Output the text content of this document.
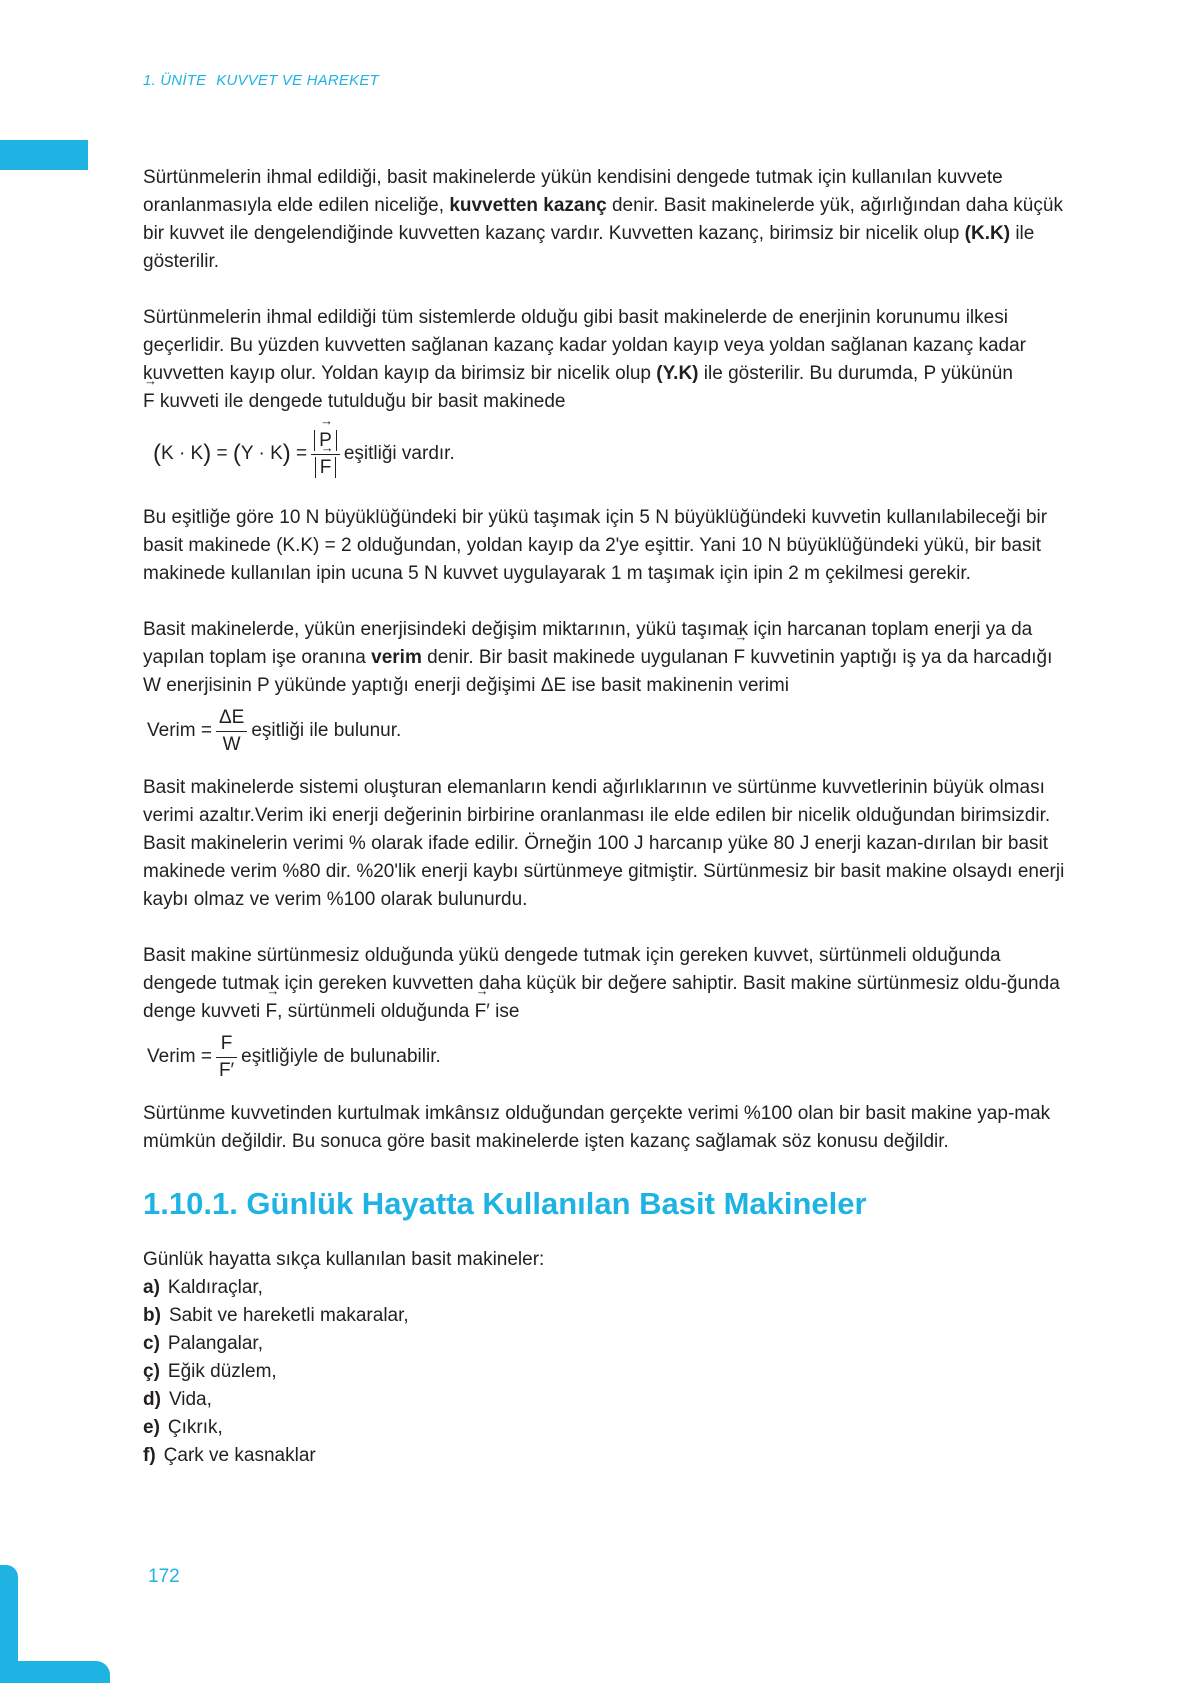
1. ÜNİTE KUVVET VE HAREKET

Sürtünmelerin ihmal edildiği, basit makinelerde yükün kendisini dengede tutmak için kullanılan kuvvete oranlanmasıyla elde edilen niceliğe, kuvvetten kazanç denir. Basit makinelerde yük, ağırlığından daha küçük bir kuvvet ile dengelendiğinde kuvvetten kazanç vardır. Kuvvetten kazanç, birimsiz bir nicelik olup (K.K) ile gösterilir.

Sürtünmelerin ihmal edildiği tüm sistemlerde olduğu gibi basit makinelerde de enerjinin korunumu ilkesi geçerlidir. Bu yüzden kuvvetten sağlanan kazanç kadar yoldan kayıp veya yoldan sağlanan kazanç kadar kuvvetten kayıp olur. Yoldan kayıp da birimsiz bir nicelik olup (Y.K) ile gösterilir. Bu durumda, P yükünün
→ F kuvveti ile dengede tutulduğu bir basit makinede

( K · K ) = ( Y · K ) =
→ P
→ F eşitliği vardır.

Bu eşitliğe göre 10 N büyüklüğündeki bir yükü taşımak için 5 N büyüklüğündeki kuvvetin kullanılabileceği bir basit makinede (K.K) = 2 olduğundan, yoldan kayıp da 2'ye eşittir. Yani 10 N büyüklüğündeki yükü, bir basit makinede kullanılan ipin ucuna 5 N kuvvet uygulayarak 1 m taşımak için ipin 2 m çekilmesi gerekir.

Basit makinelerde, yükün enerjisindeki değişim miktarının, yükü taşımak için harcanan toplam enerji ya da yapılan toplam işe oranına verim denir. Bir basit makinede uygulanan → F kuvvetinin yaptığı iş ya da harcadığı W enerjisinin P yükünde yaptığı enerji değişimi ΔE ise basit makinenin verimi

Verim = $\frac{\Delta E}{W}$ eşitliği ile bulunur.

Basit makinelerde sistemi oluşturan elemanların kendi ağırlıklarının ve sürtünme kuvvetlerinin büyük olması verimi azaltır.Verim iki enerji değerinin birbirine oranlanması ile elde edilen bir nicelik olduğundan birimsizdir. Basit makinelerin verimi % olarak ifade edilir. Örneğin 100 J harcanıp yüke 80 J enerji kazan-dırılan bir basit makinede verim %80 dir. %20'lik enerji kaybı sürtünmeye gitmiştir. Sürtünmesiz bir basit makine olsaydı enerji kaybı olmaz ve verim %100 olarak bulunurdu.

Basit makine sürtünmesiz olduğunda yükü dengede tutmak için gereken kuvvet, sürtünmeli olduğunda dengede tutmak için gereken kuvvetten daha küçük bir değere sahiptir. Basit makine sürtünmesiz oldu-ğunda denge kuvveti → F, sürtünmeli olduğunda → F′ ise

Verim = $\frac{F}{F'}$ eşitliğiyle de bulunabilir.

Sürtünme kuvvetinden kurtulmak imkânsız olduğundan gerçekte verimi %100 olan bir basit makine yap-mak mümkün değildir. Bu sonuca göre basit makinelerde işten kazanç sağlamak söz konusu değildir.

1.10.1. Günlük Hayatta Kullanılan Basit Makineler

Günlük hayatta sıkça kullanılan basit makineler:

a) Kaldıraçlar,
b) Sabit ve hareketli makaralar,
c) Palangalar,
ç) Eğik düzlem,
d) Vida,
e) Çıkrık,
f) Çark ve kasnaklar
172
